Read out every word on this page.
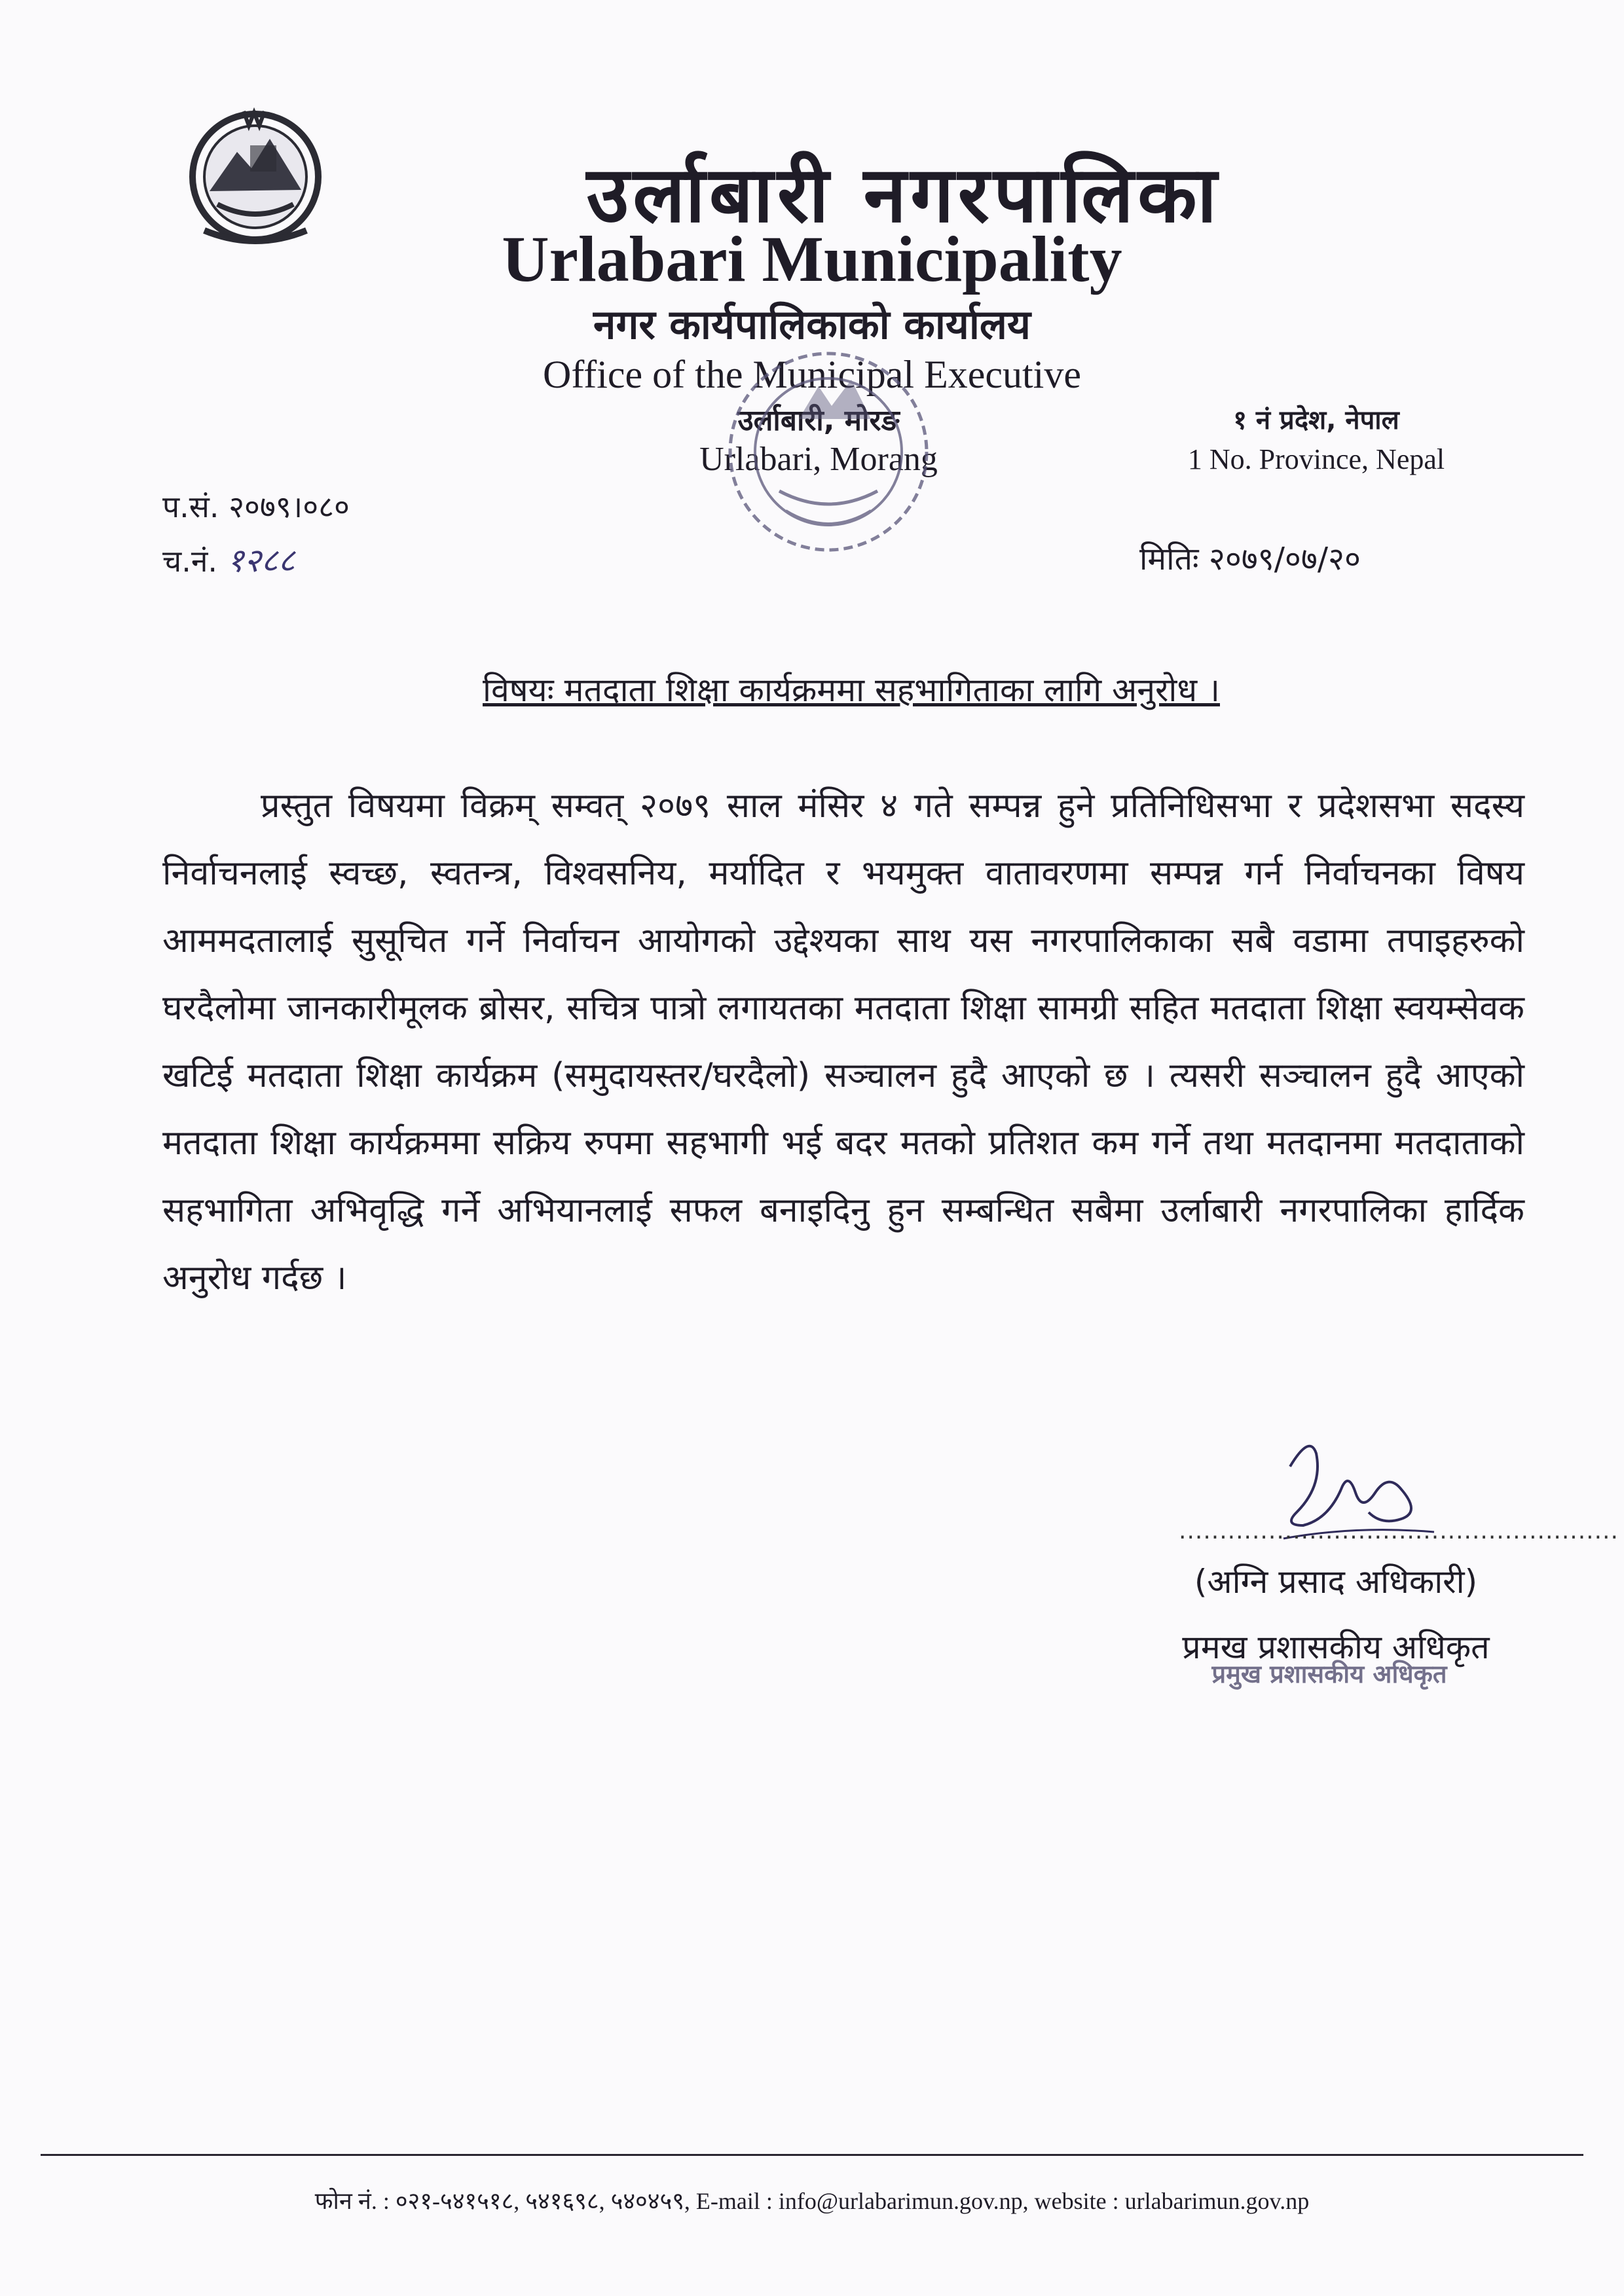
उर्लाबारी नगरपालिका
Urlabari Municipality
नगर कार्यपालिकाको कार्यालय
Office of the Municipal Executive
उर्लाबारी, मोरङ
Urlabari, Morang
१ नं प्रदेश, नेपाल
1 No. Province, Nepal
प.सं. २०७९।०८०
च.नं. १२८८	मितिः २०७९/०७/२०
विषयः मतदाता शिक्षा कार्यक्रममा सहभागिताका लागि अनुरोध ।
प्रस्तुत विषयमा विक्रम् सम्वत् २०७९ साल मंसिर ४ गते सम्पन्न हुने प्रतिनिधिसभा र प्रदेशसभा सदस्य निर्वाचनलाई स्वच्छ, स्वतन्त्र, विश्वसनिय, मर्यादित र भयमुक्त वातावरणमा सम्पन्न गर्न निर्वाचनका विषय आममदतालाई सुसूचित गर्ने निर्वाचन आयोगको उद्देश्यका साथ यस नगरपालिकाका सबै वडामा तपाइहरुको घरदैलोमा जानकारीमूलक ब्रोसर, सचित्र पात्रो लगायतका मतदाता शिक्षा सामग्री सहित मतदाता शिक्षा स्वयम्सेवक खटिई मतदाता शिक्षा कार्यक्रम (समुदायस्तर/घरदैलो) सञ्चालन हुदै आएको छ । त्यसरी सञ्चालन हुदै आएको मतदाता शिक्षा कार्यक्रममा सक्रिय रुपमा सहभागी भई बदर मतको प्रतिशत कम गर्ने तथा मतदानमा मतदाताको सहभागिता अभिवृद्धि गर्ने अभियानलाई सफल बनाइदिनु हुन सम्बन्धित सबैमा उर्लाबारी नगरपालिका हार्दिक अनुरोध गर्दछ ।
......................................................
(अग्नि प्रसाद अधिकारी)
प्रमख प्रशासकीय अधिकृत
प्रमुख प्रशासकीय अधिकृत
फोन नं. : ०२१-५४१५१८, ५४१६९८, ५४०४५९, E-mail : info@urlabarimun.gov.np, website : urlabarimun.gov.np
